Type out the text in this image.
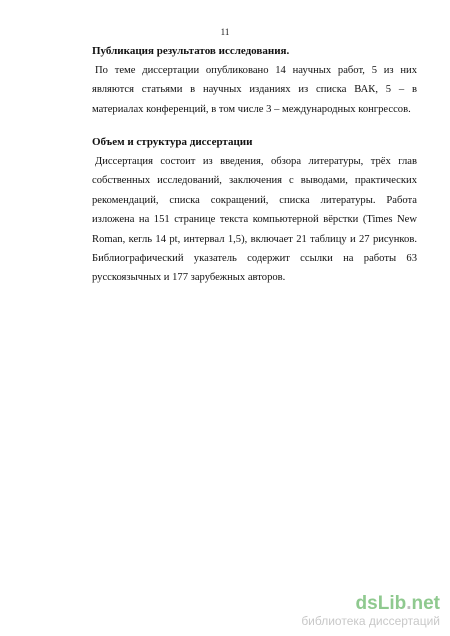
11

Публикация результатов исследования.

По теме диссертации опубликовано 14 научных работ, 5 из них являются статьями в научных изданиях из списка ВАК, 5 – в материалах конференций, в том числе 3 – международных конгрессов.

Объем и структура диссертации

Диссертация состоит из введения, обзора литературы, трёх глав собственных исследований, заключения с выводами, практических рекомендаций, списка сокращений, списка литературы. Работа изложена на 151 странице текста компьютерной вёрстки (Times New Roman, кегль 14 pt, интервал 1,5), включает 21 таблицу и 27 рисунков. Библиографический указатель содержит ссылки на работы 63 русскоязычных и 177 зарубежных авторов.

dsLib.net
библиотека диссертаций
